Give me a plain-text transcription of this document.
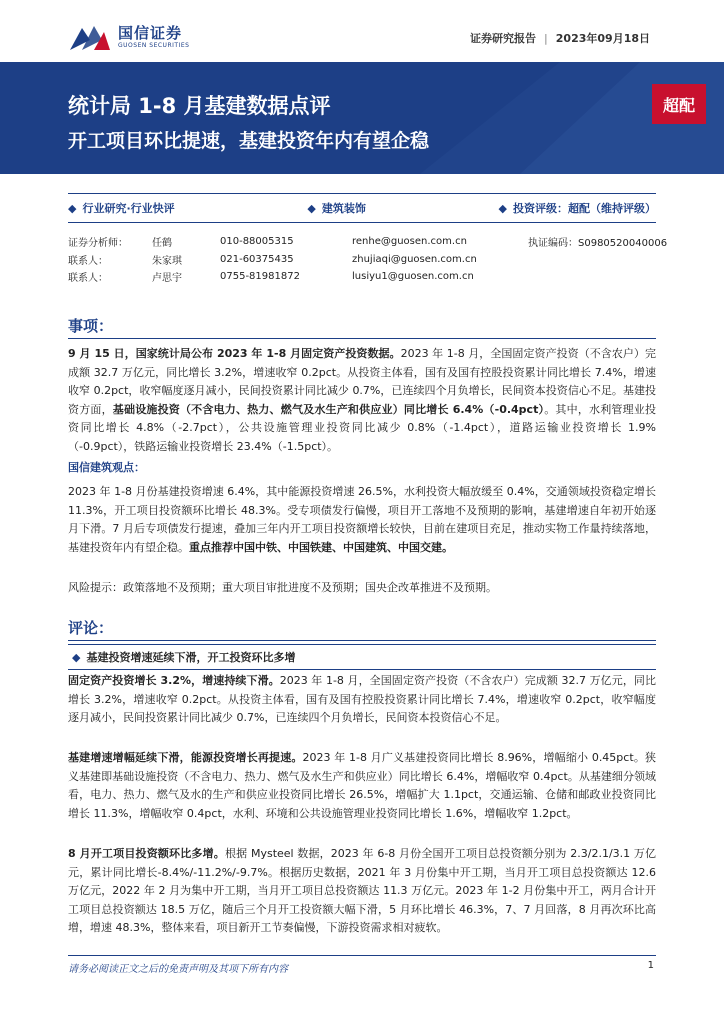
国信证券
GUOSEN SECURITIES
证券研究报告 | 2023年09月18日
统计局 1-8 月基建数据点评
开工项目环比提速，基建投资年内有望企稳
超配
◆ 行业研究·行业快评	◆ 建筑装饰	◆ 投资评级：超配（维持评级）
证券分析师：	任鹤	010-88005315	renhe@guosen.com.cn	执证编码：S0980520040006
联系人：	朱家琪	021-60375435	zhujiaqi@guosen.com.cn
联系人：	卢思宇	0755-81981872	lusiyu1@guosen.com.cn
事项：
9 月 15 日，国家统计局公布 2023 年 1-8 月固定资产投资数据。2023 年 1-8 月，全国固定资产投资（不含农户）完成额 32.7 万亿元，同比增长 3.2%，增速收窄 0.2pct。从投资主体看，国有及国有控股投资累计同比增长 7.4%，增速收窄 0.2pct，收窄幅度逐月减小，民间投资累计同比减少 0.7%，已连续四个月负增长，民间资本投资信心不足。基建投资方面，基础设施投资（不含电力、热力、燃气及水生产和供应业）同比增长 6.4%（-0.4pct）。其中，水利管理业投资同比增长 4.8%（-2.7pct），公共设施管理业投资同比减少 0.8%（-1.4pct），道路运输业投资增长 1.9%（-0.9pct），铁路运输业投资增长 23.4%（-1.5pct）。
国信建筑观点：
2023 年 1-8 月份基建投资增速 6.4%，其中能源投资增速 26.5%，水利投资大幅放缓至 0.4%，交通领域投资稳定增长 11.3%，开工项目投资额环比增长 48.3%。受专项债发行偏慢，项目开工落地不及预期的影响，基建增速自年初开始逐月下滑。7 月后专项债发行提速，叠加三年内开工项目投资额增长较快，目前在建项目充足，推动实物工作量持续落地，基建投资年内有望企稳。重点推荐中国中铁、中国铁建、中国建筑、中国交建。
风险提示：政策落地不及预期；重大项目审批进度不及预期；国央企改革推进不及预期。
评论：
◆ 基建投资增速延续下滑，开工投资环比多增
固定资产投资增长 3.2%，增速持续下滑。2023 年 1-8 月，全国固定资产投资（不含农户）完成额 32.7 万亿元，同比增长 3.2%，增速收窄 0.2pct。从投资主体看，国有及国有控股投资累计同比增长 7.4%，增速收窄 0.2pct，收窄幅度逐月减小，民间投资累计同比减少 0.7%，已连续四个月负增长，民间资本投资信心不足。
基建增速增幅延续下滑，能源投资增长再提速。2023 年 1-8 月广义基建投资同比增长 8.96%，增幅缩小 0.45pct。狭义基建即基础设施投资（不含电力、热力、燃气及水生产和供应业）同比增长 6.4%，增幅收窄 0.4pct。从基建细分领域看，电力、热力、燃气及水的生产和供应业投资同比增长 26.5%，增幅扩大 1.1pct，交通运输、仓储和邮政业投资同比增长 11.3%，增幅收窄 0.4pct，水利、环境和公共设施管理业投资同比增长 1.6%，增幅收窄 1.2pct。
8 月开工项目投资额环比多增。根据 Mysteel 数据，2023 年 6-8 月份全国开工项目总投资额分别为 2.3/2.1/3.1 万亿元，累计同比增长-8.4%/-11.2%/-9.7%。根据历史数据，2021 年 3 月份集中开工期，当月开工项目总投资额达 12.6 万亿元，2022 年 2 月为集中开工期，当月开工项目总投资额达 11.3 万亿元。2023 年 1-2 月份集中开工，两月合计开工项目总投资额达 18.5 万亿，随后三个月开工投资额大幅下滑，5 月环比增长 46.3%，7、7 月回落，8 月再次环比高增，增速 48.3%，整体来看，项目新开工节奏偏慢，下游投资需求相对疲软。
请务必阅读正文之后的免责声明及其项下所有内容	1
